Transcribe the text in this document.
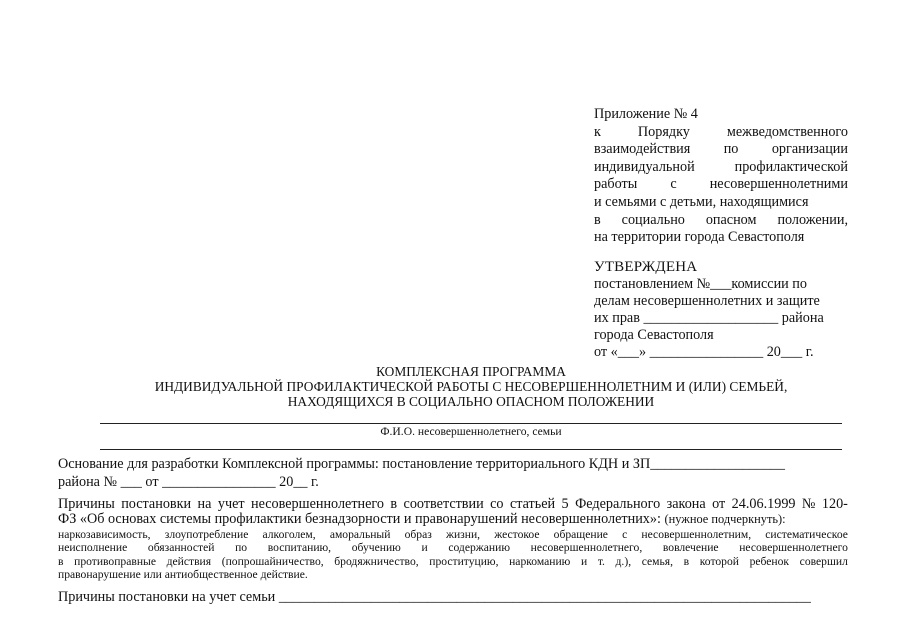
Приложение № 4
к	Порядку	межведомственного
взаимодействия по организации
индивидуальной	профилактической
работы с несовершеннолетними
и семьями с детьми, находящимися
в социально опасном положении,
на территории города Севастополя
УТВЕРЖДЕНА
постановлением №___комиссии по
делам несовершеннолетних и защите
их прав ___________________ района
города Севастополя
от «___» ________________ 20___ г.
КОМПЛЕКСНАЯ ПРОГРАММА
ИНДИВИДУАЛЬНОЙ ПРОФИЛАКТИЧЕСКОЙ РАБОТЫ С НЕСОВЕРШЕННОЛЕТНИМ И (ИЛИ) СЕМЬЕЙ,
НАХОДЯЩИХСЯ В СОЦИАЛЬНО ОПАСНОМ ПОЛОЖЕНИИ
Ф.И.О. несовершеннолетнего, семьи
Основание для разработки Комплексной программы: постановление территориального КДН и ЗП___________________
района № ___ от ________________ 20__ г.
Причины постановки на учет несовершеннолетнего в соответствии со статьей 5 Федерального закона от 24.06.1999 № 120-
ФЗ «Об основах системы профилактики безнадзорности и правонарушений несовершеннолетних»: (нужное подчеркнуть):
наркозависимость, злоупотребление алкоголем, аморальный образ жизни, жестокое обращение с несовершеннолетним, систематическое
неисполнение обязанностей по воспитанию, обучению и содержанию несовершеннолетнего, вовлечение несовершеннолетнего
в противоправные действия (попрошайничество, бродяжничество, проституцию, наркоманию и т. д.), семья, в которой ребенок совершил
правонарушение или антиобщественное действие.
Причины постановки на учет семьи ___________________________________________________________________________
